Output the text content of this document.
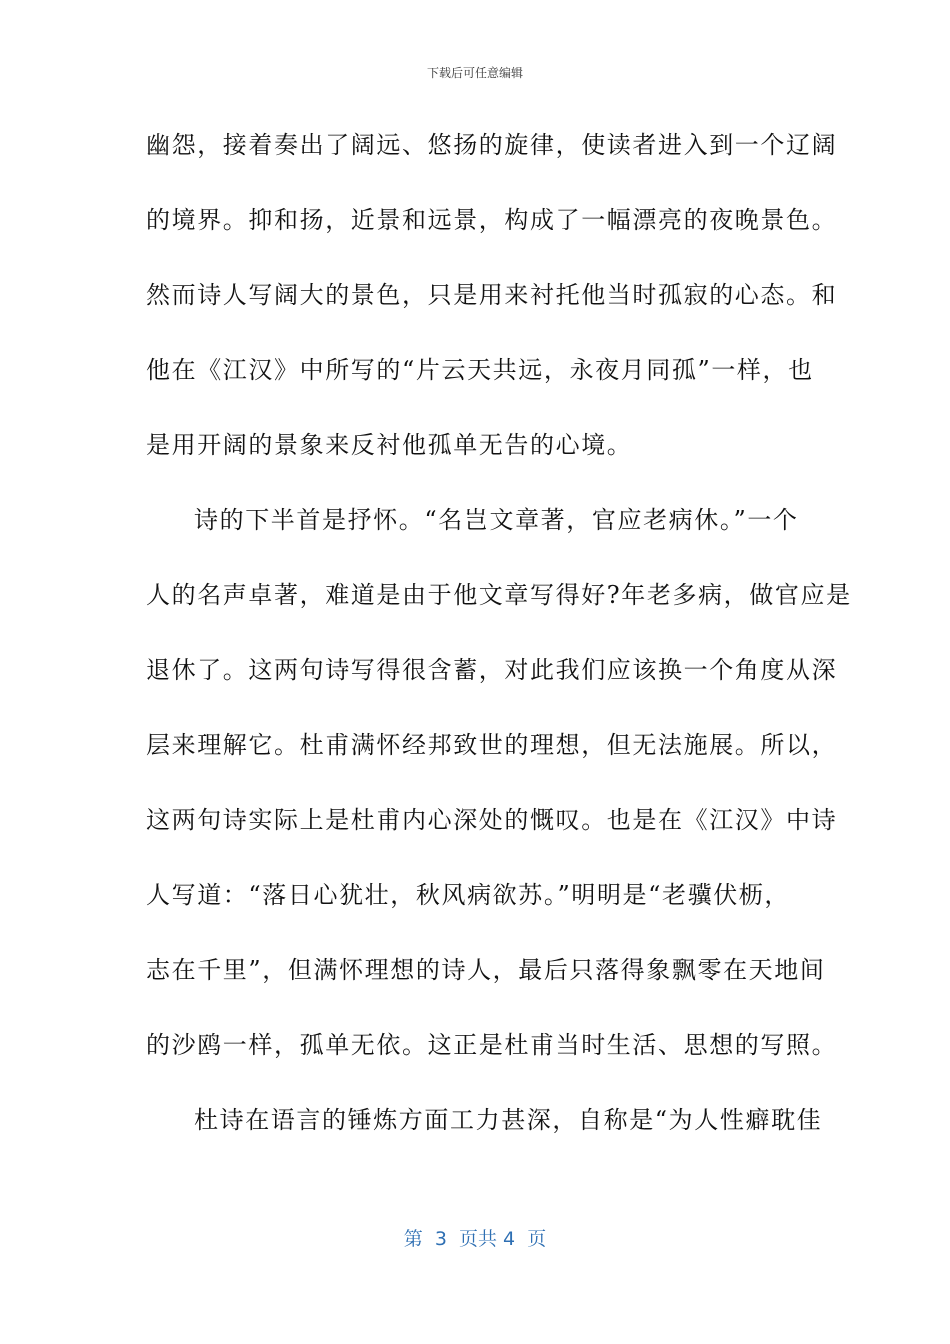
下载后可任意编辑
幽怨，接着奏出了阔远、悠扬的旋律，使读者进入到一个辽阔
的境界。抑和扬，近景和远景，构成了一幅漂亮的夜晚景色。
然而诗人写阔大的景色，只是用来衬托他当时孤寂的心态。和
他在《江汉》中所写的“片云天共远，永夜月同孤”一样，也
是用开阔的景象来反衬他孤单无告的心境。
诗的下半首是抒怀。“名岂文章著，官应老病休。”一个
人的名声卓著，难道是由于他文章写得好?年老多病，做官应是
退休了。这两句诗写得很含蓄，对此我们应该换一个角度从深
层来理解它。杜甫满怀经邦致世的理想，但无法施展。所以，
这两句诗实际上是杜甫内心深处的慨叹。也是在《江汉》中诗
人写道：“落日心犹壮，秋风病欲苏。”明明是“老骥伏枥，
志在千里”，但满怀理想的诗人，最后只落得象飘零在天地间
的沙鸥一样，孤单无依。这正是杜甫当时生活、思想的写照。
杜诗在语言的锤炼方面工力甚深，自称是“为人性癖耽佳
第  3  页共 4  页
